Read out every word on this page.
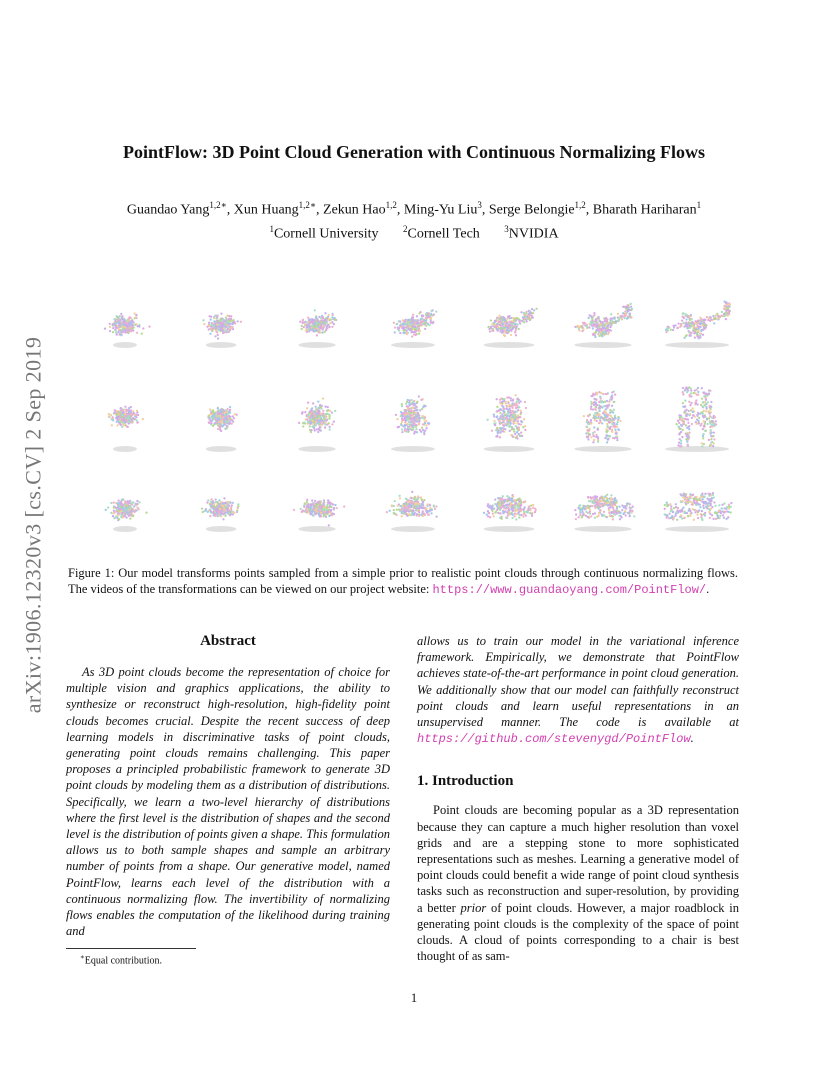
arXiv:1906.12320v3 [cs.CV] 2 Sep 2019
PointFlow: 3D Point Cloud Generation with Continuous Normalizing Flows
Guandao Yang$^{1,2∗}$, Xun Huang$^{1,2∗}$, Zekun Hao$^{1,2}$, Ming-Yu Liu$^3$, Serge Belongie$^{1,2}$, Bharath Hariharan$^1$
$^1$Cornell University	$^2$Cornell Tech	$^3$NVIDIA
Figure 1: Our model transforms points sampled from a simple prior to realistic point clouds through continuous normalizing flows. The videos of the transformations can be viewed on our project website: https://www.guandaoyang.com/PointFlow/.
Abstract

As 3D point clouds become the representation of choice for multiple vision and graphics applications, the ability to synthesize or reconstruct high-resolution, high-fidelity point clouds becomes crucial. Despite the recent success of deep learning models in discriminative tasks of point clouds, generating point clouds remains challenging. This paper proposes a principled probabilistic framework to generate 3D point clouds by modeling them as a distribution of distributions. Specifically, we learn a two-level hierarchy of distributions where the first level is the distribution of shapes and the second level is the distribution of points given a shape. This formulation allows us to both sample shapes and sample an arbitrary number of points from a shape. Our generative model, named PointFlow, learns each level of the distribution with a continuous normalizing flow. The invertibility of normalizing flows enables the computation of the likelihood during training and

∗Equal contribution.

allows us to train our model in the variational inference framework. Empirically, we demonstrate that PointFlow achieves state-of-the-art performance in point cloud generation. We additionally show that our model can faithfully reconstruct point clouds and learn useful representations in an unsupervised manner. The code is available at https://github.com/stevenygd/PointFlow.

1. Introduction

Point clouds are becoming popular as a 3D representation because they can capture a much higher resolution than voxel grids and are a stepping stone to more sophisticated representations such as meshes. Learning a generative model of point clouds could benefit a wide range of point cloud synthesis tasks such as reconstruction and super-resolution, by providing a better prior of point clouds. However, a major roadblock in generating point clouds is the complexity of the space of point clouds. A cloud of points corresponding to a chair is best thought of as sam-

1
